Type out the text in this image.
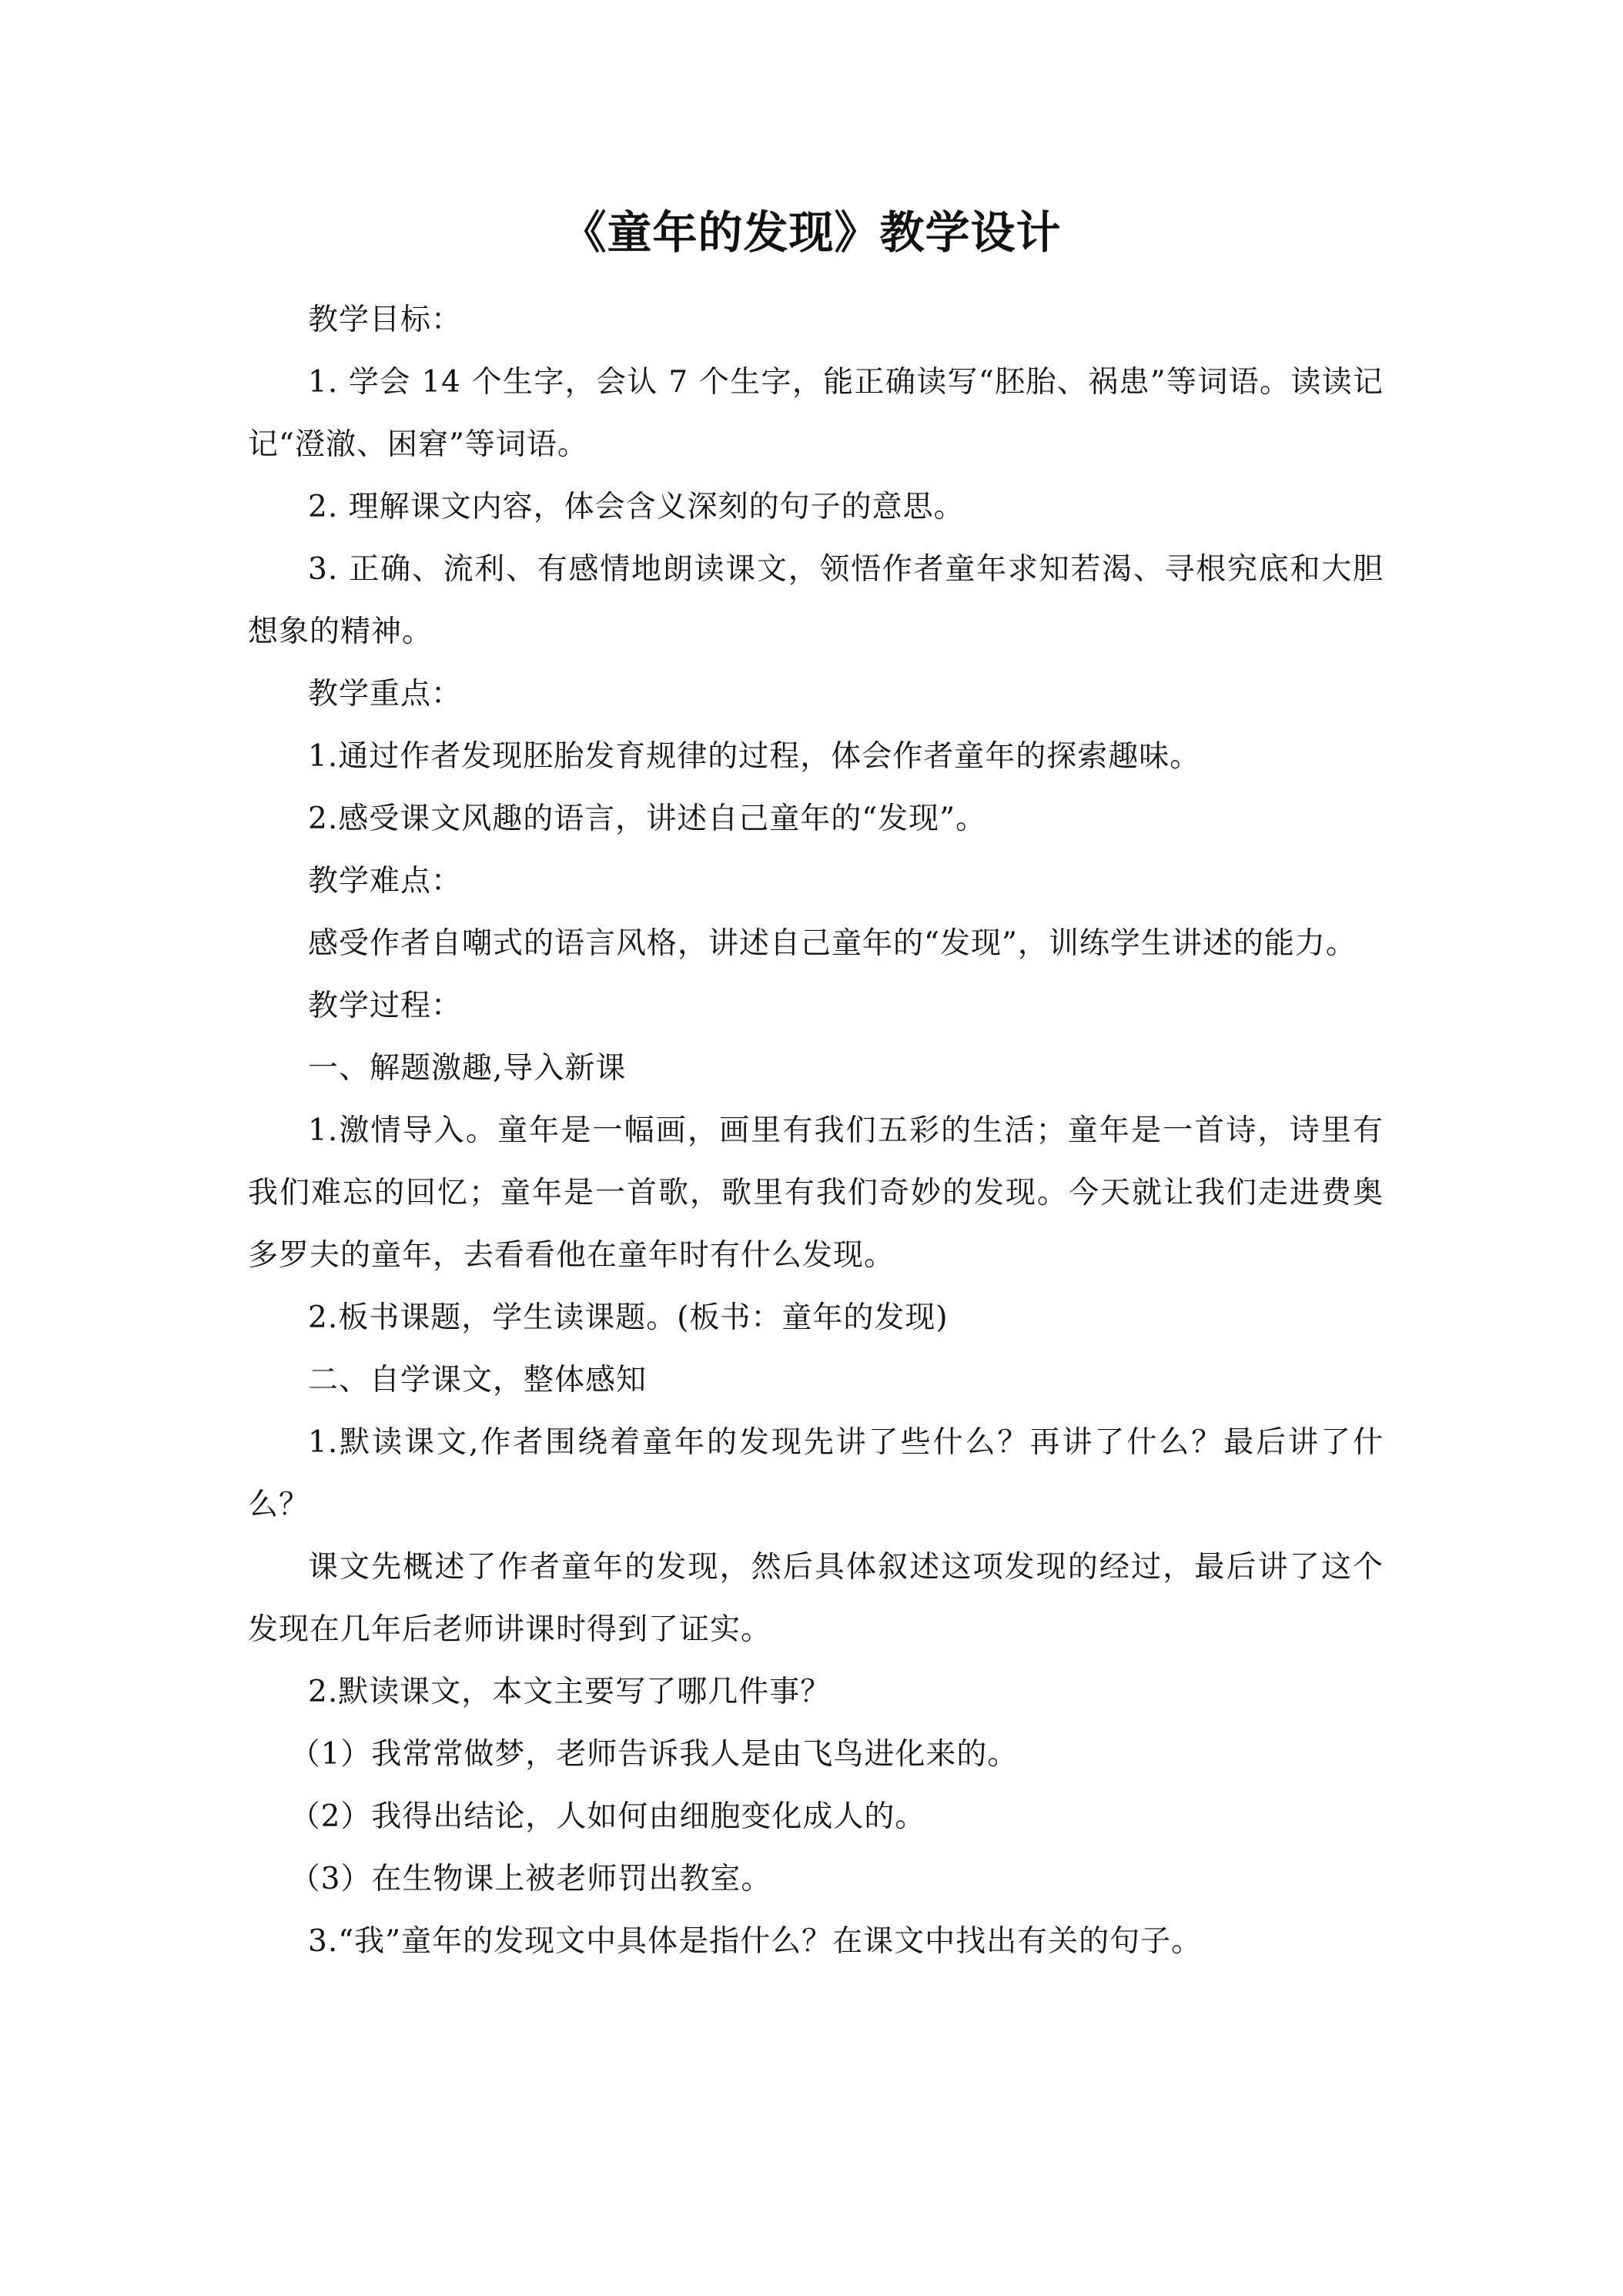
《童年的发现》教学设计

教学目标：

1. 学会 14 个生字，会认 7 个生字，能正确读写“胚胎、祸患”等词语。读读记记“澄澈、困窘”等词语。

2. 理解课文内容，体会含义深刻的句子的意思。

3. 正确、流利、有感情地朗读课文，领悟作者童年求知若渴、寻根究底和大胆想象的精神。

教学重点：

1.通过作者发现胚胎发育规律的过程，体会作者童年的探索趣味。

2.感受课文风趣的语言，讲述自己童年的“发现”。

教学难点：

感受作者自嘲式的语言风格，讲述自己童年的“发现”，训练学生讲述的能力。

教学过程：

一、解题激趣,导入新课

1.激情导入。童年是一幅画，画里有我们五彩的生活；童年是一首诗，诗里有我们难忘的回忆；童年是一首歌，歌里有我们奇妙的发现。今天就让我们走进费奥多罗夫的童年，去看看他在童年时有什么发现。

2.板书课题，学生读课题。(板书：童年的发现)

二、自学课文，整体感知

1.默读课文,作者围绕着童年的发现先讲了些什么？再讲了什么？最后讲了什么？

课文先概述了作者童年的发现，然后具体叙述这项发现的经过，最后讲了这个发现在几年后老师讲课时得到了证实。

2.默读课文，本文主要写了哪几件事？

（1）我常常做梦，老师告诉我人是由飞鸟进化来的。

（2）我得出结论，人如何由细胞变化成人的。

（3）在生物课上被老师罚出教室。

3.“我”童年的发现文中具体是指什么？在课文中找出有关的句子。
